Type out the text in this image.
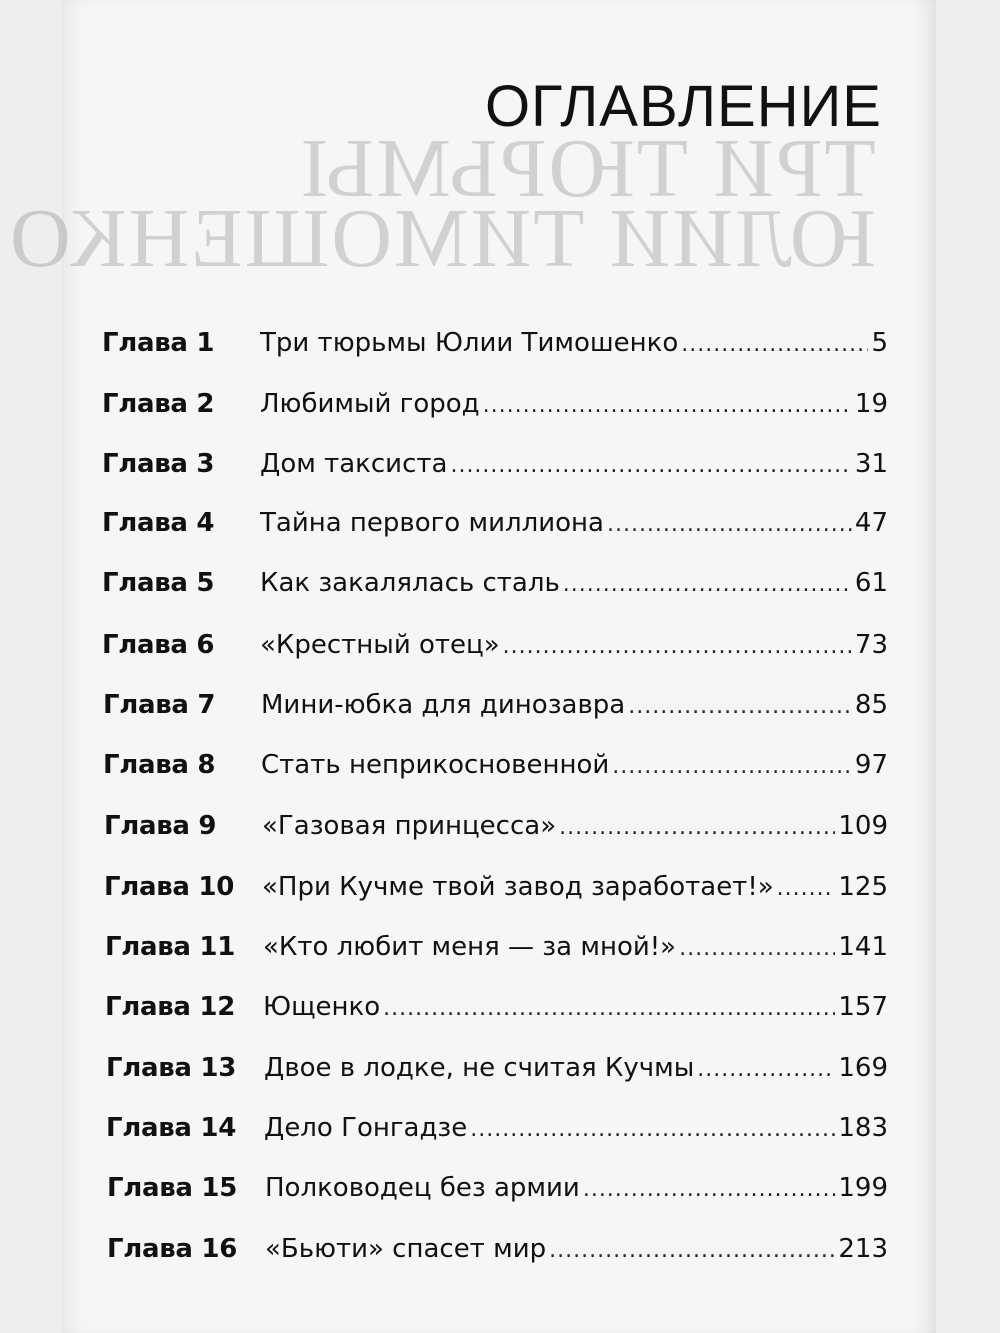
ОГЛАВЛЕНИЕ
Глава 1	Три тюрьмы Юлии Тимошенко .....	5
Глава 2	Любимый город .....	19
Глава 3	Дом таксиста .....	31
Глава 4	Тайна первого миллиона .....	47
Глава 5	Как закалялась сталь .....	61
Глава 6	«Крестный отец» .....	73
Глава 7	Мини-юбка для динозавра .....	85
Глава 8	Стать неприкосновенной .....	97
Глава 9	«Газовая принцесса» .....	109
Глава 10	«При Кучме твой завод заработает!» ..... 125
Глава 11	«Кто любит меня — за мной!» .....	141
Глава 12	Ющенко .....	157
Глава 13	Двое в лодке, не считая Кучмы .....	169
Глава 14	Дело Гонгадзе .....	183
Глава 15	Полководец без армии .....	199
Глава 16	«Бьюти» спасет мир .....	213
